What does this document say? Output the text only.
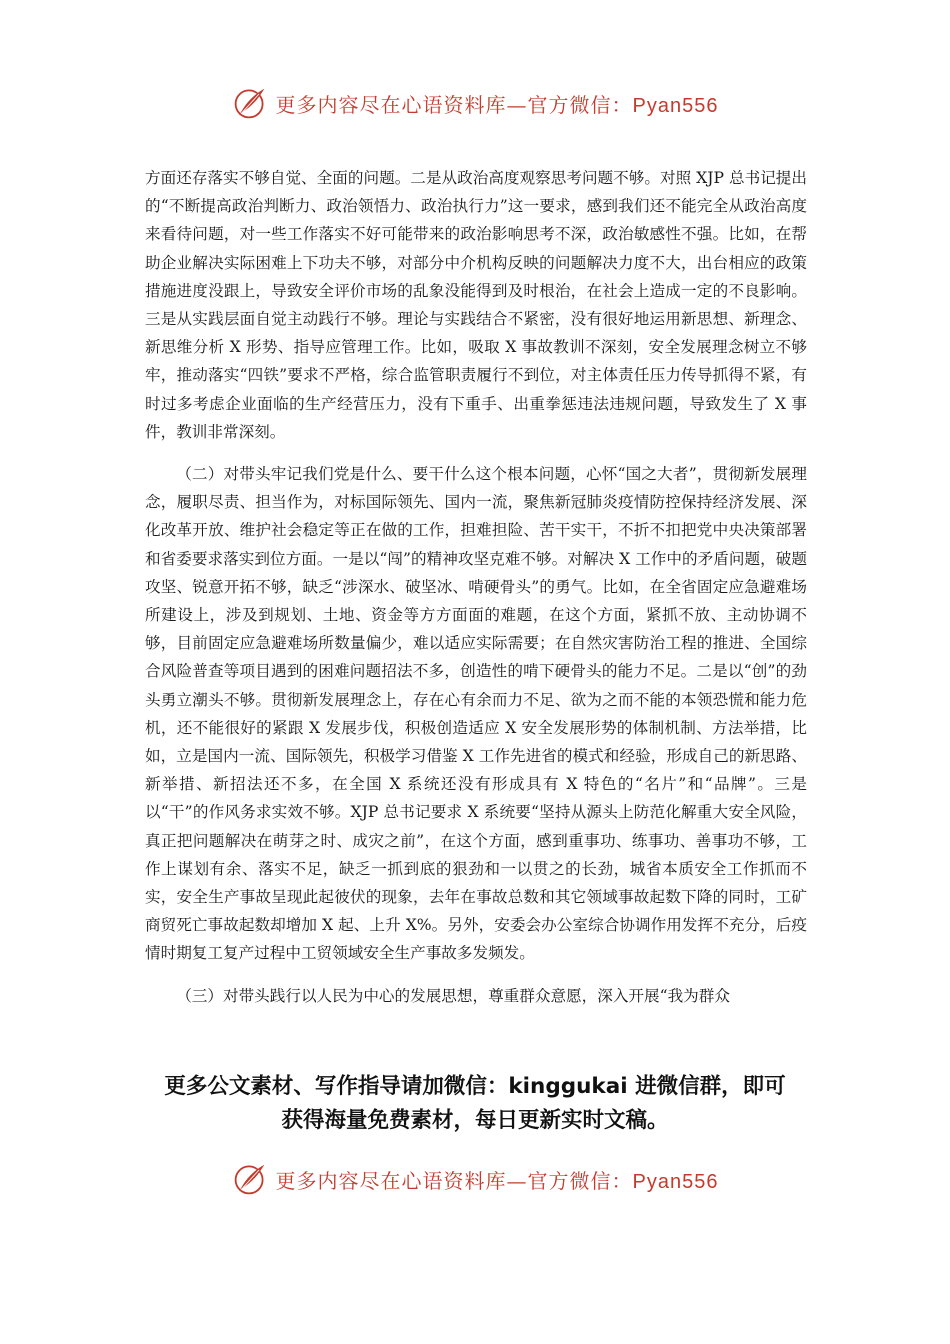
更多内容尽在心语资料库—官方微信：Pyan556

方面还存落实不够自觉、全面的问题。二是从政治高度观察思考问题不够。对照 XJP 总书记提出的“不断提高政治判断力、政治领悟力、政治执行力”这一要求，感到我们还不能完全从政治高度来看待问题，对一些工作落实不好可能带来的政治影响思考不深，政治敏感性不强。比如，在帮助企业解决实际困难上下功夫不够，对部分中介机构反映的问题解决力度不大，出台相应的政策措施进度没跟上，导致安全评价市场的乱象没能得到及时根治，在社会上造成一定的不良影响。三是从实践层面自觉主动践行不够。理论与实践结合不紧密，没有很好地运用新思想、新理念、新思维分析 X 形势、指导应管理工作。比如，吸取 X 事故教训不深刻，安全发展理念树立不够牢，推动落实“四铁”要求不严格，综合监管职责履行不到位，对主体责任压力传导抓得不紧，有时过多考虑企业面临的生产经营压力，没有下重手、出重拳惩违法违规问题，导致发生了 X 事件，教训非常深刻。

（二）对带头牢记我们党是什么、要干什么这个根本问题，心怀“国之大者”，贯彻新发展理念，履职尽责、担当作为，对标国际领先、国内一流，聚焦新冠肺炎疫情防控保持经济发展、深化改革开放、维护社会稳定等正在做的工作，担难担险、苦干实干，不折不扣把党中央决策部署和省委要求落实到位方面。一是以“闯”的精神攻坚克难不够。对解决 X 工作中的矛盾问题，破题攻坚、锐意开拓不够，缺乏“涉深水、破坚冰、啃硬骨头”的勇气。比如，在全省固定应急避难场所建设上，涉及到规划、土地、资金等方方面面的难题，在这个方面，紧抓不放、主动协调不够，目前固定应急避难场所数量偏少，难以适应实际需要；在自然灾害防治工程的推进、全国综合风险普查等项目遇到的困难问题招法不多，创造性的啃下硬骨头的能力不足。二是以“创”的劲头勇立潮头不够。贯彻新发展理念上，存在心有余而力不足、欲为之而不能的本领恐慌和能力危机，还不能很好的紧跟 X 发展步伐，积极创造适应 X 安全发展形势的体制机制、方法举措，比如，立是国内一流、国际领先，积极学习借鉴 X 工作先进省的模式和经验，形成自己的新思路、新举措、新招法还不多，在全国 X 系统还没有形成具有 X 特色的“名片”和“品牌”。三是以“干”的作风务求实效不够。XJP 总书记要求 X 系统要“坚持从源头上防范化解重大安全风险，真正把问题解决在萌芽之时、成灾之前”，在这个方面，感到重事功、练事功、善事功不够，工作上谋划有余、落实不足，缺乏一抓到底的狠劲和一以贯之的长劲，城省本质安全工作抓而不实，安全生产事故呈现此起彼伏的现象，去年在事故总数和其它领域事故起数下降的同时，工矿商贸死亡事故起数却增加 X 起、上升 X%。另外，安委会办公室综合协调作用发挥不充分，后疫情时期复工复产过程中工贸领域安全生产事故多发频发。

（三）对带头践行以人民为中心的发展思想，尊重群众意愿，深入开展“我为群众

更多公文素材、写作指导请加微信：kinggukai 进微信群，即可
获得海量免费素材，每日更新实时文稿。
更多内容尽在心语资料库—官方微信：Pyan556
